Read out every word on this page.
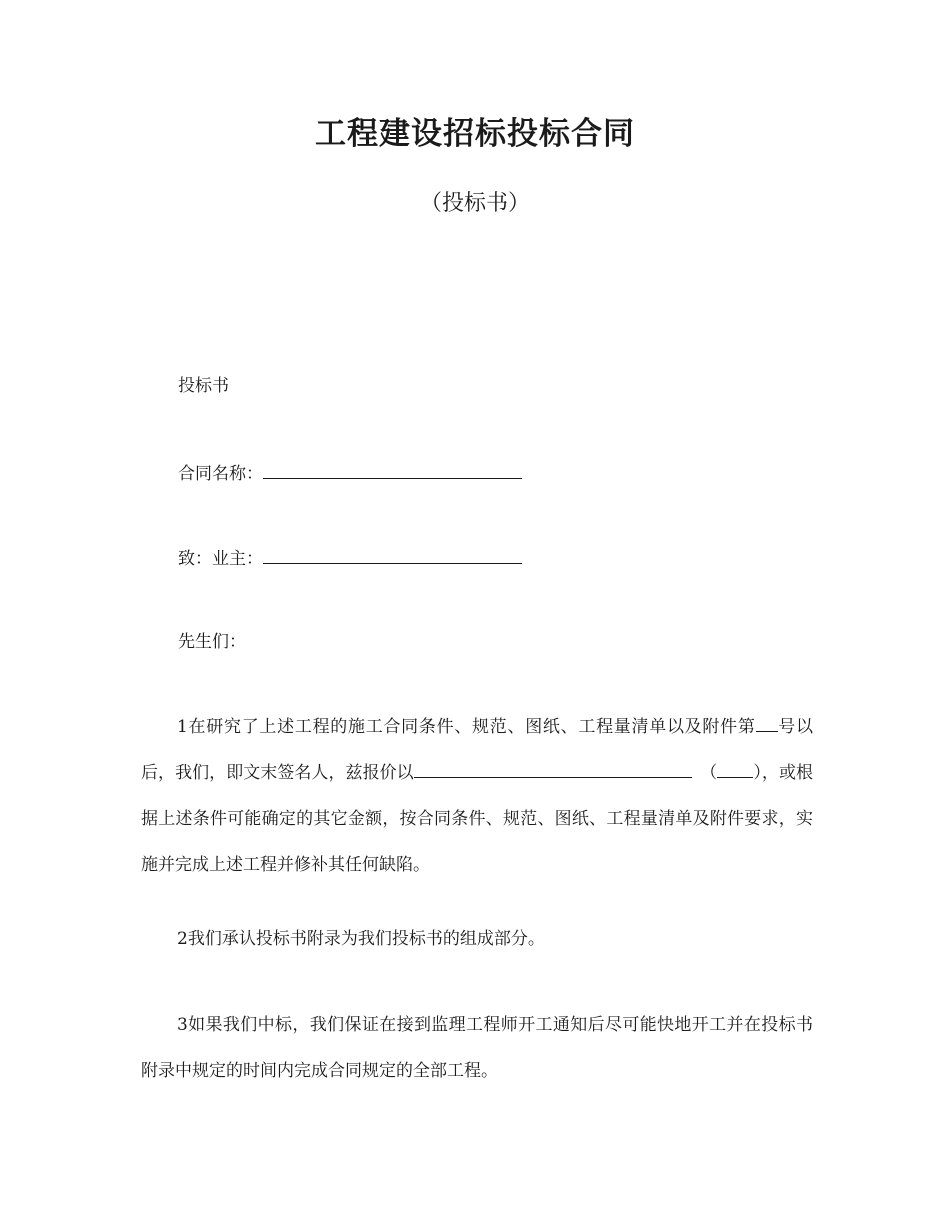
工程建设招标投标合同
（投标书）
投标书
合同名称：
致：业主：
先生们：

1在研究了上述工程的施工合同条件、规范、图纸、工程量清单以及附件第 号以后，我们，即文末签名人，兹报价以　	（ ），或根据上述条件可能确定的其它金额，按合同条件、规范、图纸、工程量清单及附件要求，实施并完成上述工程并修补其任何缺陷。

2我们承认投标书附录为我们投标书的组成部分。

3如果我们中标，我们保证在接到监理工程师开工通知后尽可能快地开工并在投标书附录中规定的时间内完成合同规定的全部工程。
